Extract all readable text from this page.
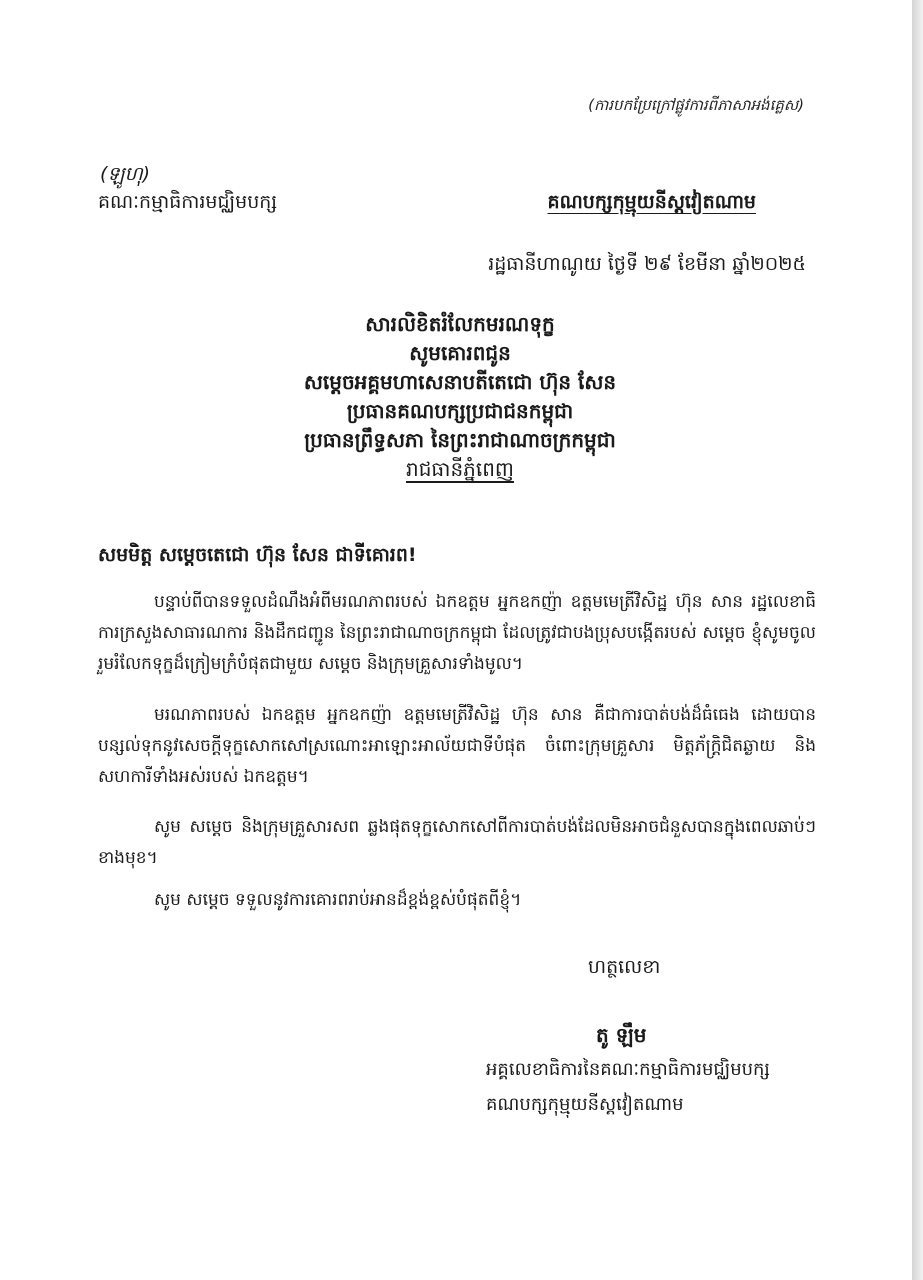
(ការបកប្រែក្រៅផ្លូវការពីភាសាអង់គ្លេស)
(ឡូហុ)
គណៈកម្មាធិការមជ្ឈិមបក្ស	គណបក្សកុម្មុយនីស្តវៀតណាម
រដ្ឋធានីហាណូយ ថ្ងៃទី ២៩ ខែមីនា ឆ្នាំ២០២៥
សារលិខិតរំលែកមរណទុក្ខ
សូមគោរពជូន
សម្តេចអគ្គមហាសេនាបតីតេជោ ហ៊ុន សែន
ប្រធានគណបក្សប្រជាជនកម្ពុជា
ប្រធានព្រឹទ្ធសភា នៃព្រះរាជាណាចក្រកម្ពុជា
រាជធានីភ្នំពេញ
សមមិត្ត សម្តេចតេជោ ហ៊ុន សែន ជាទីគោរព!
បន្ទាប់ពីបានទទួលដំណឹងអំពីមរណភាពរបស់ ឯកឧត្តម អ្នកឧកញ៉ា ឧត្តមមេត្រីវិសិដ្ឋ ហ៊ុន សាន រដ្ឋលេខាធិការក្រសួងសាធារណការ និងដឹកជញ្ជូន នៃព្រះរាជាណាចក្រកម្ពុជា ដែលត្រូវជាបងប្រុសបង្កើតរបស់ សម្តេច ខ្ញុំសូមចូលរួមរំលែកទុក្ខដ៏ក្រៀមក្រំបំផុតជាមួយ សម្តេច និងក្រុមគ្រួសារទាំងមូល។
មរណភាពរបស់ ឯកឧត្តម អ្នកឧកញ៉ា ឧត្តមមេត្រីវិសិដ្ឋ ហ៊ុន សាន គឺជាការបាត់បង់ដ៏ធំធេង ដោយបានបន្សល់ទុកនូវសេចក្តីទុក្ខសោកសៅស្រណោះអាឡោះអាល័យជាទីបំផុត ចំពោះក្រុមគ្រួសារ មិត្តភ័ក្រ្តិជិតឆ្ងាយ និងសហការីទាំងអស់របស់ ឯកឧត្តម។
សូម សម្តេច និងក្រុមគ្រួសារសព ឆ្លងផុតទុក្ខសោកសៅពីការបាត់បង់ដែលមិនអាចជំនួសបានក្នុងពេលឆាប់ៗខាងមុខ។
សូម សម្តេច ទទួលនូវការគោរពរាប់អានដ៏ខ្ពង់ខ្ពស់បំផុតពីខ្ញុំ។
ហត្ថលេខា
តូ ឡឹម
អគ្គលេខាធិការនៃគណៈកម្មាធិការមជ្ឈិមបក្ស
គណបក្សកុម្មុយនីស្តវៀតណាម
